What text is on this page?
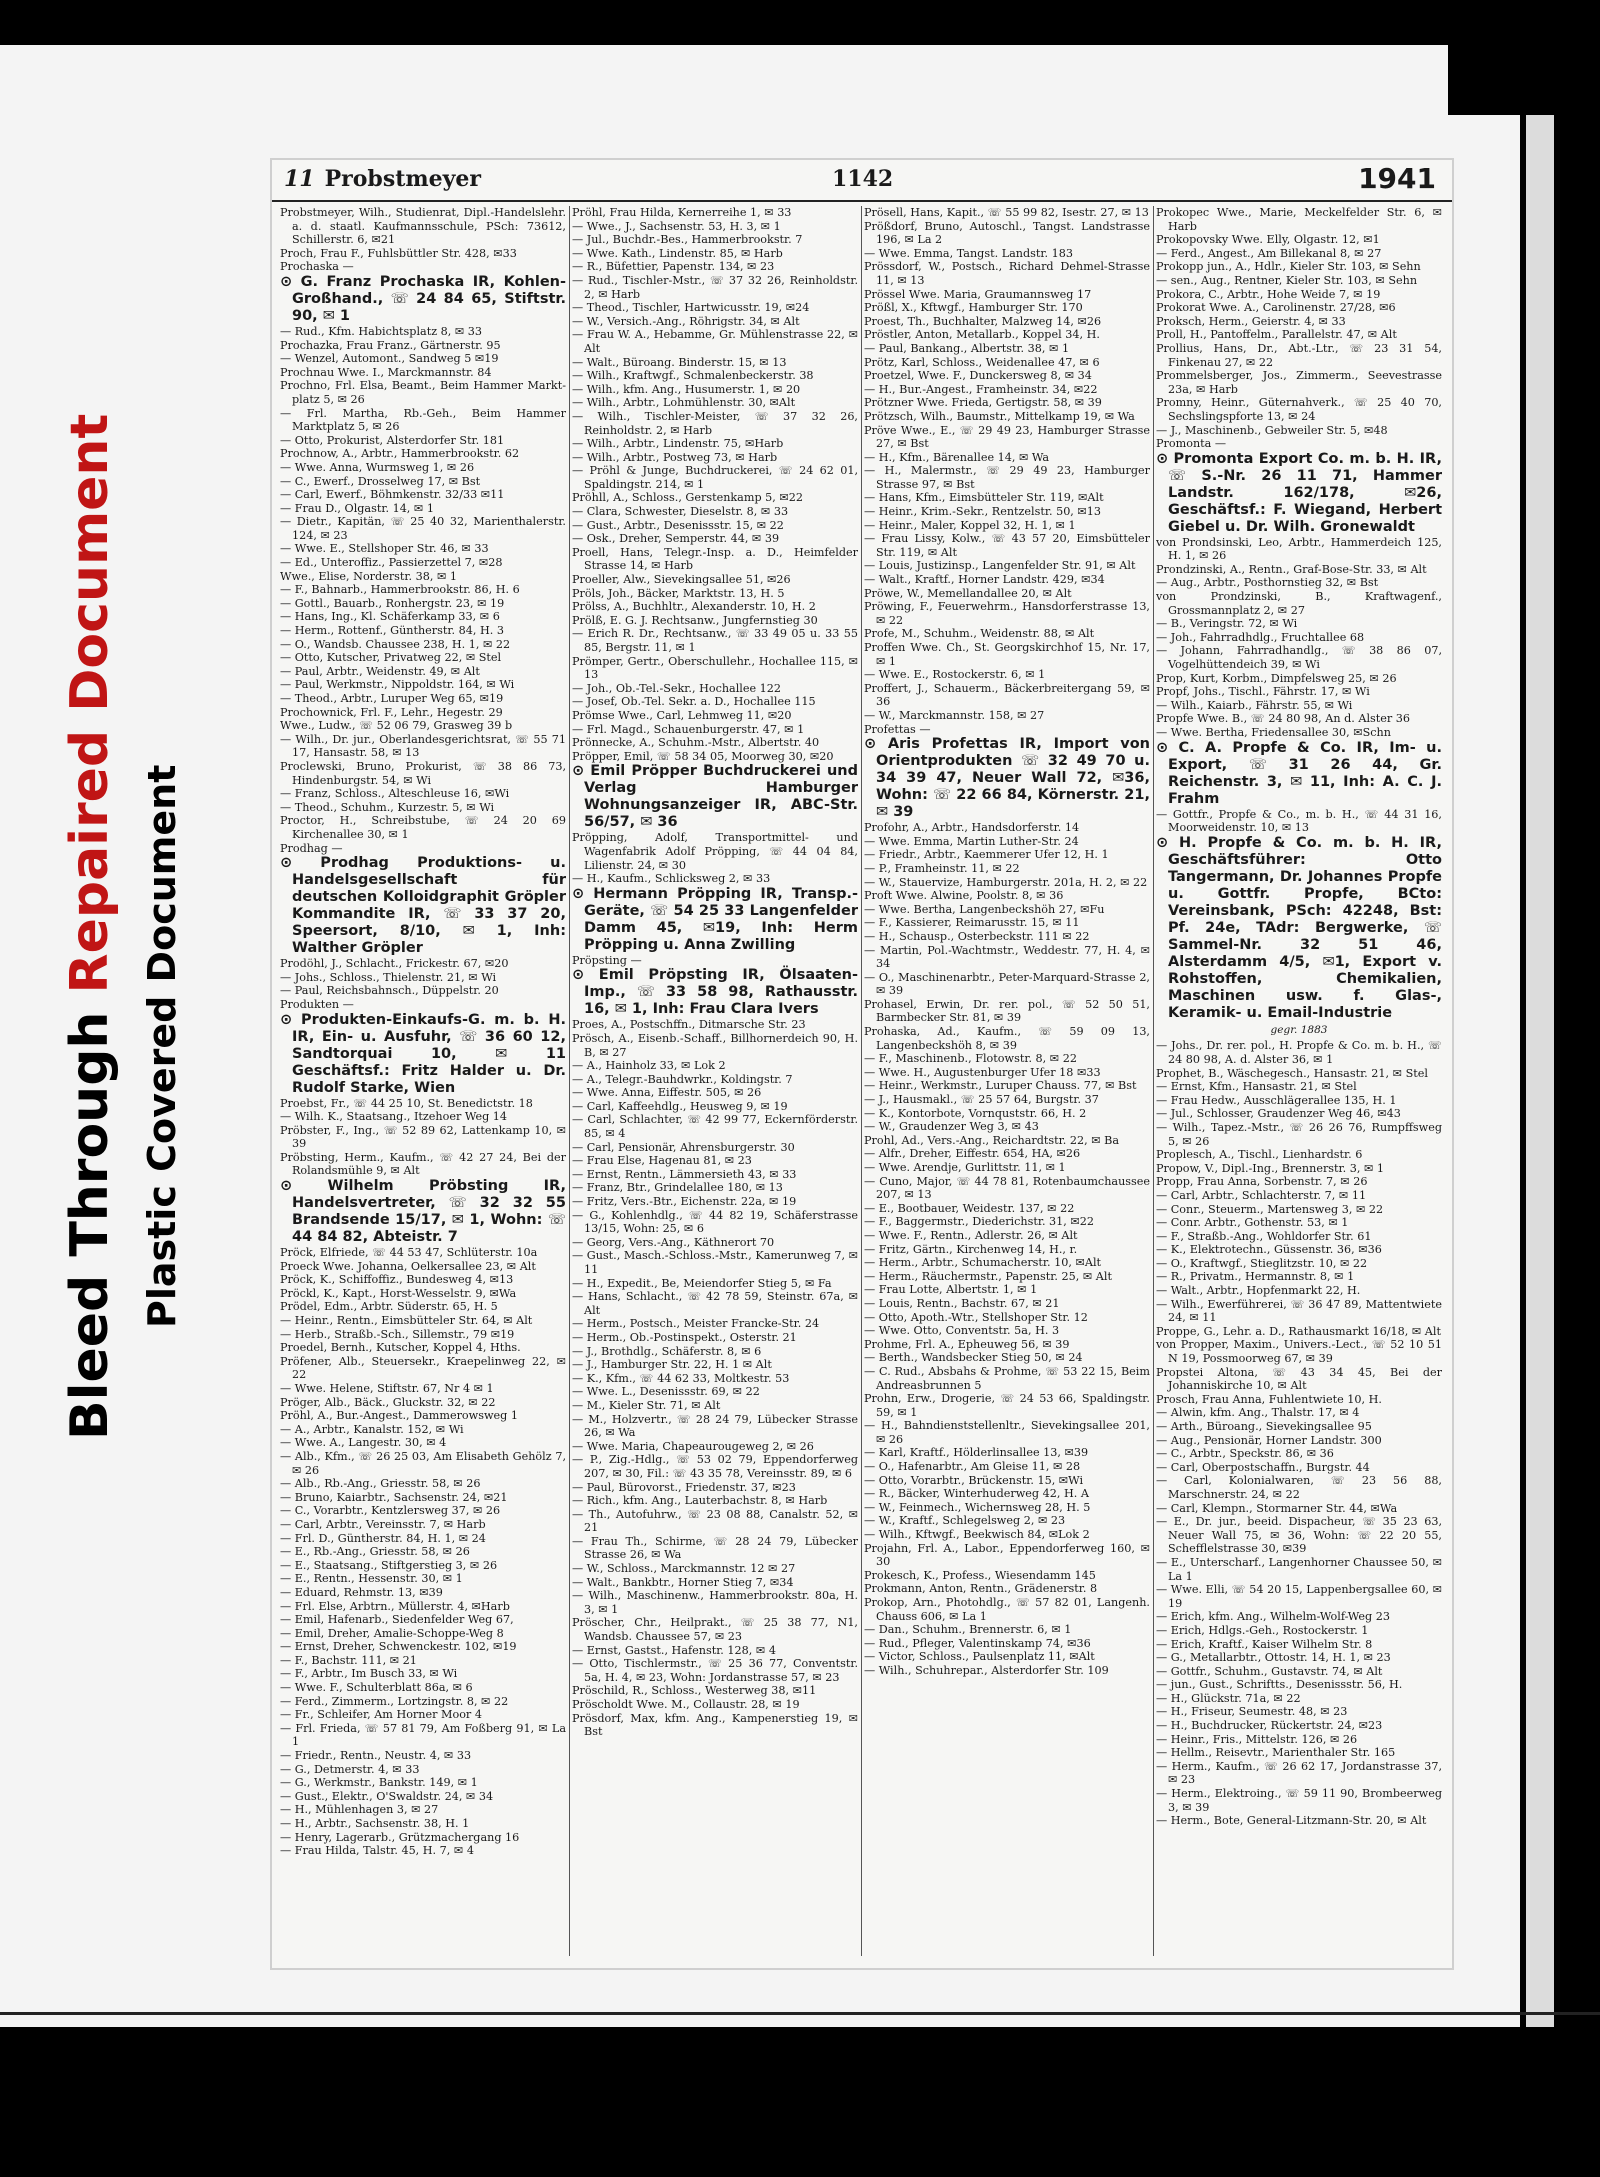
Bleed Through Repaired Document
Plastic Covered Document
11 Probstmeyer	1142	1941
Probstmeyer, Wilh., Studienrat, Dipl.-Handelslehr. a. d. staatl. Kaufmannsschule, PSch: 73612, Schillerstr. 6, ✉21
Proch, Frau F., Fuhlsbüttler Str. 428, ✉33
Prochaska —
⊙ G. Franz Prochaska IR, Kohlen-Großhand., ☏ 24 84 65, Stiftstr. 90, ✉ 1
— Rud., Kfm. Habichtsplatz 8, ✉ 33
Prochazka, Frau Franz., Gärtnerstr. 95
— Wenzel, Automont., Sandweg 5 ✉19
Prochnau Wwe. I., Marckmannstr. 84
Prochno, Frl. Elsa, Beamt., Beim Hammer Markt-platz 5, ✉ 26
— Frl. Martha, Rb.-Geh., Beim Hammer Marktplatz 5, ✉ 26
— Otto, Prokurist, Alsterdorfer Str. 181
Prochnow, A., Arbtr., Hammerbrookstr. 62
— Wwe. Anna, Wurmsweg 1, ✉ 26
— C., Ewerf., Drosselweg 17, ✉ Bst
— Carl, Ewerf., Böhmkenstr. 32/33 ✉11
— Frau D., Olgastr. 14, ✉ 1
— Dietr., Kapitän, ☏ 25 40 32, Marienthalerstr. 124, ✉ 23
— Wwe. E., Stellshoper Str. 46, ✉ 33
— Ed., Unteroffiz., Passierzettel 7, ✉28
Wwe., Elise, Norderstr. 38, ✉ 1
— F., Bahnarb., Hammerbrookstr. 86, H. 6
— Gottl., Bauarb., Ronhergstr. 23, ✉ 19
— Hans, Ing., Kl. Schäferkamp 33, ✉ 6
— Herm., Rottenf., Güntherstr. 84, H. 3
— O., Wandsb. Chaussee 238, H. 1, ✉ 22
— Otto, Kutscher, Privatweg 22, ✉ Stel
— Paul, Arbtr., Weidenstr. 49, ✉ Alt
— Paul, Werkmstr., Nippoldstr. 164, ✉ Wi
— Theod., Arbtr., Luruper Weg 65, ✉19
Prochownick, Frl. F., Lehr., Hegestr. 29
Wwe., Ludw., ☏ 52 06 79, Grasweg 39 b
— Wilh., Dr. jur., Oberlandesgerichtsrat, ☏ 55 71 17, Hansastr. 58, ✉ 13
Proclewski, Bruno, Prokurist, ☏ 38 86 73, Hindenburgstr. 54, ✉ Wi
— Franz, Schloss., Alteschleuse 16, ✉Wi
— Theod., Schuhm., Kurzestr. 5, ✉ Wi
Proctor, H., Schreibstube, ☏ 24 20 69 Kirchenallee 30, ✉ 1
Prodhag —
⊙ Prodhag Produktions- u. Handelsgesellschaft für deutschen Kolloidgraphit Gröpler Kommandite IR, ☏ 33 37 20, Speersort, 8/10, ✉ 1, Inh: Walther Gröpler
Prodöhl, J., Schlacht., Frickestr. 67, ✉20
— Johs., Schloss., Thielenstr. 21, ✉ Wi
— Paul, Reichsbahnsch., Düppelstr. 20
Produkten —
⊙ Produkten-Einkaufs-G. m. b. H. IR, Ein- u. Ausfuhr, ☏ 36 60 12, Sandtorquai 10, ✉ 11 Geschäftsf.: Fritz Halder u. Dr. Rudolf Starke, Wien
Proebst, Fr., ☏ 44 25 10, St. Benedictstr. 18
— Wilh. K., Staatsang., Itzehoer Weg 14
Pröbster, F., Ing., ☏ 52 89 62, Lattenkamp 10, ✉ 39
Pröbsting, Herm., Kaufm., ☏ 42 27 24, Bei der Rolandsmühle 9, ✉ Alt
⊙ Wilhelm Pröbsting IR, Handelsvertreter, ☏ 32 32 55 Brandsende 15/17, ✉ 1, Wohn: ☏ 44 84 82, Abteistr. 7
Pröck, Elfriede, ☏ 44 53 47, Schlüterstr. 10a
Proeck Wwe. Johanna, Oelkersallee 23, ✉ Alt
Pröck, K., Schiffoffiz., Bundesweg 4, ✉13
Pröckl, K., Kapt., Horst-Wesselstr. 9, ✉Wa
Prödel, Edm., Arbtr. Süderstr. 65, H. 5
— Heinr., Rentn., Eimsbütteler Str. 64, ✉ Alt
— Herb., Straßb.-Sch., Sillemstr., 79 ✉19
Proedel, Bernh., Kutscher, Koppel 4, Hths.
Pröfener, Alb., Steuersekr., Kraepelinweg 22, ✉ 22
— Wwe. Helene, Stiftstr. 67, Nr 4 ✉ 1
Pröger, Alb., Bäck., Gluckstr. 32, ✉ 22
Pröhl, A., Bur.-Angest., Dammerowsweg 1
— A., Arbtr., Kanalstr. 152, ✉ Wi
— Wwe. A., Langestr. 30, ✉ 4
— Alb., Kfm., ☏ 26 25 03, Am Elisabeth Gehölz 7, ✉ 26
— Alb., Rb.-Ang., Griesstr. 58, ✉ 26
— Bruno, Kaiarbtr., Sachsenstr. 24, ✉21
— C., Vorarbtr., Kentzlersweg 37, ✉ 26
— Carl, Arbtr., Vereinsstr. 7, ✉ Harb
— Frl. D., Güntherstr. 84, H. 1, ✉ 24
— E., Rb.-Ang., Griesstr. 58, ✉ 26
— E., Staatsang., Stiftgerstieg 3, ✉ 26
— E., Rentn., Hessenstr. 30, ✉ 1
— Eduard, Rehmstr. 13, ✉39
— Frl. Else, Arbtrn., Müllerstr. 4, ✉Harb
— Emil, Hafenarb., Siedenfelder Weg 67,
— Emil, Dreher, Amalie-Schoppe-Weg 8
— Ernst, Dreher, Schwenckestr. 102, ✉19
— F., Bachstr. 111, ✉ 21
— F., Arbtr., Im Busch 33, ✉ Wi
— Wwe. F., Schulterblatt 86a, ✉ 6
— Ferd., Zimmerm., Lortzingstr. 8, ✉ 22
— Fr., Schleifer, Am Horner Moor 4
— Frl. Frieda, ☏ 57 81 79, Am Foßberg 91, ✉ La 1
— Friedr., Rentn., Neustr. 4, ✉ 33
— G., Detmerstr. 4, ✉ 33
— G., Werkmstr., Bankstr. 149, ✉ 1
— Gust., Elektr., O'Swaldstr. 24, ✉ 34
— H., Mühlenhagen 3, ✉ 27
— H., Arbtr., Sachsenstr. 38, H. 1
— Henry, Lagerarb., Grützmachergang 16
— Frau Hilda, Talstr. 45, H. 7, ✉ 4
Pröhl, Frau Hilda, Kernerreihe 1, ✉ 33
— Wwe., J., Sachsenstr. 53, H. 3, ✉ 1
— Jul., Buchdr.-Bes., Hammerbrookstr. 7
— Wwe. Kath., Lindenstr. 85, ✉ Harb
— R., Büfettier, Papenstr. 134, ✉ 23
— Rud., Tischler-Mstr., ☏ 37 32 26, Reinholdstr. 2, ✉ Harb
— Theod., Tischler, Hartwicusstr. 19, ✉24
— W., Versich.-Ang., Röhrigstr. 34, ✉ Alt
— Frau W. A., Hebamme, Gr. Mühlenstrasse 22, ✉ Alt
— Walt., Büroang. Binderstr. 15, ✉ 13
— Wilh., Kraftwgf., Schmalenbeckerstr. 38
— Wilh., kfm. Ang., Husumerstr. 1, ✉ 20
— Wilh., Arbtr., Lohmühlenstr. 30, ✉Alt
— Wilh., Tischler-Meister, ☏ 37 32 26, Reinholdstr. 2, ✉ Harb
— Wilh., Arbtr., Lindenstr. 75, ✉Harb
— Wilh., Arbtr., Postweg 73, ✉ Harb
— Pröhl & Junge, Buchdruckerei, ☏ 24 62 01, Spaldingstr. 214, ✉ 1
Pröhll, A., Schloss., Gerstenkamp 5, ✉22
— Clara, Schwester, Dieselstr. 8, ✉ 33
— Gust., Arbtr., Desenissstr. 15, ✉ 22
— Osk., Dreher, Semperstr. 44, ✉ 39
Proell, Hans, Telegr.-Insp. a. D., Heimfelder Strasse 14, ✉ Harb
Proeller, Alw., Sievekingsallee 51, ✉26
Pröls, Joh., Bäcker, Marktstr. 13, H. 5
Prölss, A., Buchhltr., Alexanderstr. 10, H. 2
Prölß, E. G. J. Rechtsanw., Jungfernstieg 30
— Erich R. Dr., Rechtsanw., ☏ 33 49 05 u. 33 55 85, Bergstr. 11, ✉ 1
Prömper, Gertr., Oberschullehr., Hochallee 115, ✉ 13
— Joh., Ob.-Tel.-Sekr., Hochallee 122
— Josef, Ob.-Tel. Sekr. a. D., Hochallee 115
Prömse Wwe., Carl, Lehmweg 11, ✉20
— Frl. Magd., Schauenburgerstr. 47, ✉ 1
Prönnecke, A., Schuhm.-Mstr., Albertstr. 40
Pröpper, Emil, ☏ 58 34 05, Moorweg 30, ✉20
⊙ Emil Pröpper Buchdruckerei und Verlag Hamburger Wohnungsanzeiger IR, ABC-Str. 56/57, ✉ 36
Pröpping, Adolf, Transportmittel- und Wagenfabrik Adolf Pröpping, ☏ 44 04 84, Lilienstr. 24, ✉ 30
— H., Kaufm., Schlicksweg 2, ✉ 33
⊙ Hermann Pröpping IR, Transp.-Geräte, ☏ 54 25 33 Langenfelder Damm 45, ✉19, Inh: Herm Pröpping u. Anna Zwilling
Pröpsting —
⊙ Emil Pröpsting IR, Ölsaaten-Imp., ☏ 33 58 98, Rathausstr. 16, ✉ 1, Inh: Frau Clara Ivers
Proes, A., Postschffn., Ditmarsche Str. 23
Prösch, A., Eisenb.-Schaff., Billhornerdeich 90, H. B, ✉ 27
— A., Hainholz 33, ✉ Lok 2
— A., Telegr.-Bauhdwrkr., Koldingstr. 7
— Wwe. Anna, Eiffestr. 505, ✉ 26
— Carl, Kaffeehdlg., Heusweg 9, ✉ 19
— Carl, Schlachter, ☏ 42 99 77, Eckernförderstr. 85, ✉ 4
— Carl, Pensionär, Ahrensburgerstr. 30
— Frau Else, Hagenau 81, ✉ 23
— Ernst, Rentn., Lämmersieth 43, ✉ 33
— Franz, Btr., Grindelallee 180, ✉ 13
— Fritz, Vers.-Btr., Eichenstr. 22a, ✉ 19
— G., Kohlenhdlg., ☏ 44 82 19, Schäferstrasse 13/15, Wohn: 25, ✉ 6
— Georg, Vers.-Ang., Käthnerort 70
— Gust., Masch.-Schloss.-Mstr., Kamerunweg 7, ✉ 11
— H., Expedit., Be, Meiendorfer Stieg 5, ✉ Fa
— Hans, Schlacht., ☏ 42 78 59, Steinstr. 67a, ✉ Alt
— Herm., Postsch., Meister Francke-Str. 24
— Herm., Ob.-Postinspekt., Osterstr. 21
— J., Brothdlg., Schäferstr. 8, ✉ 6
— J., Hamburger Str. 22, H. 1 ✉ Alt
— K., Kfm., ☏ 44 62 33, Moltkestr. 53
— Wwe. L., Desenissstr. 69, ✉ 22
— M., Kieler Str. 71, ✉ Alt
— M., Holzvertr., ☏ 28 24 79, Lübecker Strasse 26, ✉ Wa
— Wwe. Maria, Chapeaurougeweg 2, ✉ 26
— P., Zig.-Hdlg., ☏ 53 02 79, Eppendorferweg 207, ✉ 30, Fil.: ☏ 43 35 78, Vereinsstr. 89, ✉ 6
— Paul, Bürovorst., Friedenstr. 37, ✉23
— Rich., kfm. Ang., Lauterbachstr. 8, ✉ Harb
— Th., Autofuhrw., ☏ 23 08 88, Canalstr. 52, ✉ 21
— Frau Th., Schirme, ☏ 28 24 79, Lübecker Strasse 26, ✉ Wa
— W., Schloss., Marckmannstr. 12 ✉ 27
— Walt., Bankbtr., Horner Stieg 7, ✉34
— Wilh., Maschinenw., Hammerbrookstr. 80a, H. 3, ✉ 1
Pröscher, Chr., Heilprakt., ☏ 25 38 77, N1, Wandsb. Chaussee 57, ✉ 23
— Ernst, Gastst., Hafenstr. 128, ✉ 4
— Otto, Tischlermstr., ☏ 25 36 77, Conventstr. 5a, H. 4, ✉ 23, Wohn: Jordanstrasse 57, ✉ 23
Pröschild, R., Schloss., Westerweg 38, ✉11
Pröscholdt Wwe. M., Collaustr. 28, ✉ 19
Prösdorf, Max, kfm. Ang., Kampenerstieg 19, ✉ Bst
Prösell, Hans, Kapit., ☏ 55 99 82, Isestr. 27, ✉ 13
Prößdorf, Bruno, Autoschl., Tangst. Landstrasse 196, ✉ La 2
— Wwe. Emma, Tangst. Landstr. 183
Prössdorf, W., Postsch., Richard Dehmel-Strasse 11, ✉ 13
Prössel Wwe. Maria, Graumannsweg 17
Prößl, X., Kftwgf., Hamburger Str. 170
Proest, Th., Buchhalter, Malzweg 14, ✉26
Pröstler, Anton, Metallarb., Koppel 34, H.
— Paul, Bankang., Albertstr. 38, ✉ 1
Prötz, Karl, Schloss., Weidenallee 47, ✉ 6
Proetzel, Wwe. F., Dunckersweg 8, ✉ 34
— H., Bur.-Angest., Framheinstr. 34, ✉22
Prötzner Wwe. Frieda, Gertigstr. 58, ✉ 39
Prötzsch, Wilh., Baumstr., Mittelkamp 19, ✉ Wa
Pröve Wwe., E., ☏ 29 49 23, Hamburger Strasse 27, ✉ Bst
— H., Kfm., Bärenallee 14, ✉ Wa
— H., Malermstr., ☏ 29 49 23, Hamburger Strasse 97, ✉ Bst
— Hans, Kfm., Eimsbütteler Str. 119, ✉Alt
— Heinr., Krim.-Sekr., Rentzelstr. 50, ✉13
— Heinr., Maler, Koppel 32, H. 1, ✉ 1
— Frau Lissy, Kolw., ☏ 43 57 20, Eimsbütteler Str. 119, ✉ Alt
— Louis, Justizinsp., Langenfelder Str. 91, ✉ Alt
— Walt., Kraftf., Horner Landstr. 429, ✉34
Pröwe, W., Memellandallee 20, ✉ Alt
Pröwing, F., Feuerwehrm., Hansdorferstrasse 13, ✉ 22
Profe, M., Schuhm., Weidenstr. 88, ✉ Alt
Proffen Wwe. Ch., St. Georgskirchhof 15, Nr. 17, ✉ 1
— Wwe. E., Rostockerstr. 6, ✉ 1
Proffert, J., Schauerm., Bäckerbreitergang 59, ✉ 36
— W., Marckmannstr. 158, ✉ 27
Profettas —
⊙ Aris Profettas IR, Import von Orientprodukten ☏ 32 49 70 u. 34 39 47, Neuer Wall 72, ✉36, Wohn: ☏ 22 66 84, Körnerstr. 21, ✉ 39
Profohr, A., Arbtr., Handsdorferstr. 14
— Wwe. Emma, Martin Luther-Str. 24
— Friedr., Arbtr., Kaemmerer Ufer 12, H. 1
— P., Framheinstr. 11, ✉ 22
— W., Stauervize, Hamburgerstr. 201a, H. 2, ✉ 22
Proft Wwe. Alwine, Poolstr. 8, ✉ 36
— Wwe. Bertha, Langenbeckshöh 27, ✉Fu
— F., Kassierer, Reimarusstr. 15, ✉ 11
— H., Schausp., Osterbeckstr. 111 ✉ 22
— Martin, Pol.-Wachtmstr., Weddestr. 77, H. 4, ✉ 34
— O., Maschinenarbtr., Peter-Marquard-Strasse 2, ✉ 39
Prohasel, Erwin, Dr. rer. pol., ☏ 52 50 51, Barmbecker Str. 81, ✉ 39
Prohaska, Ad., Kaufm., ☏ 59 09 13, Langenbeckshöh 8, ✉ 39
— F., Maschinenb., Flotowstr. 8, ✉ 22
— Wwe. H., Augustenburger Ufer 18 ✉33
— Heinr., Werkmstr., Luruper Chauss. 77, ✉ Bst
— J., Hausmakl., ☏ 25 57 64, Burgstr. 37
— K., Kontorbote, Vornquststr. 66, H. 2
— W., Graudenzer Weg 3, ✉ 43
Prohl, Ad., Vers.-Ang., Reichardtstr. 22, ✉ Ba
— Alfr., Dreher, Eiffestr. 654, HA, ✉26
— Wwe. Arendje, Gurlittstr. 11, ✉ 1
— Cuno, Major, ☏ 44 78 81, Rotenbaumchaussee 207, ✉ 13
— E., Bootbauer, Weidestr. 137, ✉ 22
— F., Baggermstr., Diederichstr. 31, ✉22
— Wwe. F., Rentn., Adlerstr. 26, ✉ Alt
— Fritz, Gärtn., Kirchenweg 14, H., r.
— Herm., Arbtr., Schumacherstr. 10, ✉Alt
— Herm., Räuchermstr., Papenstr. 25, ✉ Alt
— Frau Lotte, Albertstr. 1, ✉ 1
— Louis, Rentn., Bachstr. 67, ✉ 21
— Otto, Apoth.-Wtr., Stellshoper Str. 12
— Wwe. Otto, Conventstr. 5a, H. 3
Prohme, Frl. A., Epheuweg 56, ✉ 39
— Berth., Wandsbecker Stieg 50, ✉ 24
— C. Rud., Absbahs & Prohme, ☏ 53 22 15, Beim Andreasbrunnen 5
Prohn, Erw., Drogerie, ☏ 24 53 66, Spaldingstr. 59, ✉ 1
— H., Bahndienststellenltr., Sievekingsallee 201, ✉ 26
— Karl, Kraftf., Hölderlinsallee 13, ✉39
— O., Hafenarbtr., Am Gleise 11, ✉ 28
— Otto, Vorarbtr., Brückenstr. 15, ✉Wi
— R., Bäcker, Winterhuderweg 42, H. A
— W., Feinmech., Wichernsweg 28, H. 5
— W., Kraftf., Schlegelsweg 2, ✉ 23
— Wilh., Kftwgf., Beekwisch 84, ✉Lok 2
Projahn, Frl. A., Labor., Eppendorferweg 160, ✉ 30
Prokesch, K., Profess., Wiesendamm 145
Prokmann, Anton, Rentn., Grädenerstr. 8
Prokop, Arn., Photohdlg., ☏ 57 82 01, Langenh. Chauss 606, ✉ La 1
— Dan., Schuhm., Brennerstr. 6, ✉ 1
— Rud., Pfleger, Valentinskamp 74, ✉36
— Victor, Schloss., Paulsenplatz 11, ✉Alt
— Wilh., Schuhrepar., Alsterdorfer Str. 109
Prokopec Wwe., Marie, Meckelfelder Str. 6, ✉ Harb
Prokopovsky Wwe. Elly, Olgastr. 12, ✉1
— Ferd., Angest., Am Billekanal 8, ✉ 27
Prokopp jun., A., Hdlr., Kieler Str. 103, ✉ Sehn
— sen., Aug., Rentner, Kieler Str. 103, ✉ Sehn
Prokora, C., Arbtr., Hohe Weide 7, ✉ 19
Prokorat Wwe. A., Carolinenstr. 27/28, ✉6
Proksch, Herm., Geierstr. 4, ✉ 33
Proll, H., Pantoffelm., Parallelstr. 47, ✉ Alt
Prollius, Hans, Dr., Abt.-Ltr., ☏ 23 31 54, Finkenau 27, ✉ 22
Prommelsberger, Jos., Zimmerm., Seevestrasse 23a, ✉ Harb
Promny, Heinr., Güternahverk., ☏ 25 40 70, Sechslingspforte 13, ✉ 24
— J., Maschinenb., Gebweiler Str. 5, ✉48
Promonta —
⊙ Promonta Export Co. m. b. H. IR, ☏ S.-Nr. 26 11 71, Hammer Landstr. 162/178, ✉26, Geschäftsf.: F. Wiegand, Herbert Giebel u. Dr. Wilh. Gronewaldt
von Prondsinski, Leo, Arbtr., Hammerdeich 125, H. 1, ✉ 26
Prondzinski, A., Rentn., Graf-Bose-Str. 33, ✉ Alt
— Aug., Arbtr., Posthornstieg 32, ✉ Bst
von Prondzinski, B., Kraftwagenf., Grossmannplatz 2, ✉ 27
— B., Veringstr. 72, ✉ Wi
— Joh., Fahrradhdlg., Fruchtallee 68
— Johann, Fahrradhandlg., ☏ 38 86 07, Vogelhüttendeich 39, ✉ Wi
Prop, Kurt, Korbm., Dimpfelsweg 25, ✉ 26
Propf, Johs., Tischl., Fährstr. 17, ✉ Wi
— Wilh., Kaiarb., Fährstr. 55, ✉ Wi
Propfe Wwe. B., ☏ 24 80 98, An d. Alster 36
— Wwe. Bertha, Friedensallee 30, ✉Schn
⊙ C. A. Propfe & Co. IR, Im- u. Export, ☏ 31 26 44, Gr. Reichenstr. 3, ✉ 11, Inh: A. C. J. Frahm
— Gottfr., Propfe & Co., m. b. H., ☏ 44 31 16, Moorweidenstr. 10, ✉ 13
⊙ H. Propfe & Co. m. b. H. IR, Geschäftsführer: Otto Tangermann, Dr. Johannes Propfe u. Gottfr. Propfe, BCto: Vereinsbank, PSch: 42248, Bst: Pf. 24e, TAdr: Bergwerke, ☏ Sammel-Nr. 32 51 46, Alsterdamm 4/5, ✉1, Export v. Rohstoffen, Chemikalien, Maschinen usw. f. Glas-, Keramik- u. Email-Industrie
gegr. 1883
— Johs., Dr. rer. pol., H. Propfe & Co. m. b. H., ☏ 24 80 98, A. d. Alster 36, ✉ 1
Prophet, B., Wäschegesch., Hansastr. 21, ✉ Stel
— Ernst, Kfm., Hansastr. 21, ✉ Stel
— Frau Hedw., Ausschlägerallee 135, H. 1
— Jul., Schlosser, Graudenzer Weg 46, ✉43
— Wilh., Tapez.-Mstr., ☏ 26 26 76, Rumpffsweg 5, ✉ 26
Proplesch, A., Tischl., Lienhardstr. 6
Propow, V., Dipl.-Ing., Brennerstr. 3, ✉ 1
Propp, Frau Anna, Sorbenstr. 7, ✉ 26
— Carl, Arbtr., Schlachterstr. 7, ✉ 11
— Conr., Steuerm., Martensweg 3, ✉ 22
— Conr. Arbtr., Gothenstr. 53, ✉ 1
— F., Straßb.-Ang., Wohldorfer Str. 61
— K., Elektrotechn., Güssenstr. 36, ✉36
— O., Kraftwgf., Stieglitzstr. 10, ✉ 22
— R., Privatm., Hermannstr. 8, ✉ 1
— Walt., Arbtr., Hopfenmarkt 22, H.
— Wilh., Ewerführerei, ☏ 36 47 89, Mattentwiete 24, ✉ 11
Proppe, G., Lehr. a. D., Rathausmarkt 16/18, ✉ Alt
von Propper, Maxim., Univers.-Lect., ☏ 52 10 51 N 19, Possmoorweg 67, ✉ 39
Propstei Altona, ☏ 43 34 45, Bei der Johanniskirche 10, ✉ Alt
Prosch, Frau Anna, Fuhlentwiete 10, H.
— Alwin, kfm. Ang., Thalstr. 17, ✉ 4
— Arth., Büroang., Sievekingsallee 95
— Aug., Pensionär, Horner Landstr. 300
— C., Arbtr., Speckstr. 86, ✉ 36
— Carl, Oberpostschaffn., Burgstr. 44
— Carl, Kolonialwaren, ☏ 23 56 88, Marschnerstr. 24, ✉ 22
— Carl, Klempn., Stormarner Str. 44, ✉Wa
— E., Dr. jur., beeid. Dispacheur, ☏ 35 23 63, Neuer Wall 75, ✉ 36, Wohn: ☏ 22 20 55, Schefflelstrasse 30, ✉39
— E., Unterscharf., Langenhorner Chaussee 50, ✉ La 1
— Wwe. Elli, ☏ 54 20 15, Lappenbergsallee 60, ✉ 19
— Erich, kfm. Ang., Wilhelm-Wolf-Weg 23
— Erich, Hdlgs.-Geh., Rostockerstr. 1
— Erich, Kraftf., Kaiser Wilhelm Str. 8
— G., Metallarbtr., Ottostr. 14, H. 1, ✉ 23
— Gottfr., Schuhm., Gustavstr. 74, ✉ Alt
— jun., Gust., Schriftts., Desenissstr. 56, H.
— H., Glückstr. 71a, ✉ 22
— H., Friseur, Seumestr. 48, ✉ 23
— H., Buchdrucker, Rückertstr. 24, ✉23
— Heinr., Fris., Mittelstr. 126, ✉ 26
— Hellm., Reisevtr., Marienthaler Str. 165
— Herm., Kaufm., ☏ 26 62 17, Jordanstrasse 37, ✉ 23
— Herm., Elektroing., ☏ 59 11 90, Brombeerweg 3, ✉ 39
— Herm., Bote, General-Litzmann-Str. 20, ✉ Alt
